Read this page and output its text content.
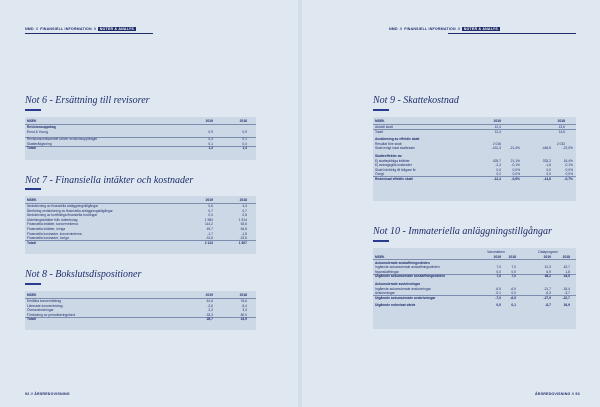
NMD // FINANSIELL INFORMATION // NOTER & ANALYS
Not 6 - Ersättning till revisorer
MSEK	2019	2018
Revisionsuppdrag
Ernst & Young	0,9	0,9
Revisionsverksamhet utöver revisionsuppdraget	0,3	0,1
Skatterådgivning	0,1	0,4
Totalt	1,3	1,4
Not 7 - Finansiella intäkter och kostnader
MSEK	2019	2018
Nedskrivning av finansiella anläggningstillgångar	0,6	4,3
Återföring nedskrivning av finansiella anläggningstillgångar	0,7	0,7
Nedskrivning av kortfristiga finansiella fordringar	0,4	0,6
Utdelningsintäkter från dotterbolag	1 984	1 514
Finansiella intäkter, koncerninterna	114,2	53,6
Finansiella intäkter, övriga	49,7	64,8
Finansiella kostnader, koncerninterna	-1,7	-1,5
Finansiella kostnader, övriga	-31,6	-23,5
Totalt	2 124	1 607
Not 8 - Bokslutsdispositioner
MSEK	2019	2018
Erhållna koncernbidrag	61,6	76,6
Lämnade koncernbidrag	-2,6	-5,4
Överavskrivningar	2,2	3,3
Förändring av periodiseringsfond	-33,3	-50,0
Totalt	28,7	24,9
92 // ÅRSREDOVISNING
NMD // FINANSIELL INFORMATION // NOTER & ANALYS
Not 9 - Skattekostnad
MSEK	2019	2018
Aktuell skatt	12,4	13,6
Totalt	12,4	14,6
Avstämning av effektiv skatt
Resultat före skatt	2 016	2 033
Skatt enligt lokal skattesats	-431,3	-21,4%	-446,8	-22,0%
Skatteeffekter av:
Ej skattepliktiga intäkter	425,7	21,1%	333,2	16,4%
Ej avdragsgilla kostnader	-2,4	-0,1%	-1,6	-0,1%
Skatt hänförlig till tidigare år	0,0	0,0%	0,0	0,0%
Övrigt	0,2	0,0%	0,0	0,0%
Redovisad effektiv skatt	-12,4	-0,6%	-14,6	-0,7%
Not 10 - Immateriella anläggningstillgångar
Varumärken	Dataprogram
MSEK	2019	2018	2019	2018
Ackumulerade anskaffningsvärden
Ingående ackumulerade anskaffningsvärden	7,0	7,0	41,3	42,7
Nyanskaffningar	0,0	0,0	6,9	1,8
Utgående ackumulerade anskaffningsvärden	7,0	7,0	48,2	44,5
Ackumulerade avskrivningar
Ingående ackumulerade avskrivningar	-6,9	-6,9	-21,7	-18,4
Avskrivningar	-0,1	0,0	-6,3	-3,7
Utgående ackumulerade avskrivningar	-7,0	-6,9	-27,9	-22,7
Utgående redovisat värde	0,0	0,1	-8,7	16,9
ÅRSREDOVISNING // 93
